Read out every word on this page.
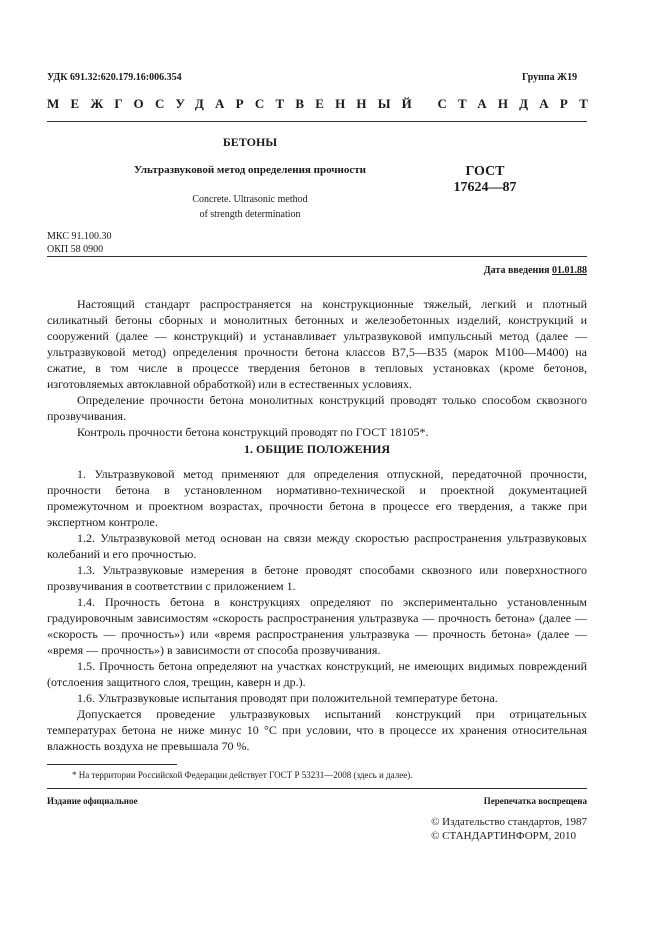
УДК 691.32:620.179.16:006.354	Группа Ж19
МЕЖГОСУДАРСТВЕННЫЙ СТАНДАРТ
БЕТОНЫ
Ультразвуковой метод определения прочности
Concrete. Ultrasonic method
of strength determination
ГОСТ
17624—87
МКС 91.100.30
ОКП 58 0900
Дата введения 01.01.88

Настоящий стандарт распространяется на конструкционные тяжелый, легкий и плотный силикатный бетоны сборных и монолитных бетонных и железобетонных изделий, конструкций и сооружений (далее — конструкций) и устанавливает ультразвуковой импульсный метод (далее — ультразвуковой метод) определения прочности бетона классов В7,5—В35 (марок М100—М400) на сжатие, в том числе в процессе твердения бетонов в тепловых установках (кроме бетонов, изготовляемых автоклавной обработкой) или в естественных условиях.

Определение прочности бетона монолитных конструкций проводят только способом сквозного прозвучивания.

Контроль прочности бетона конструкций проводят по ГОСТ 18105*.

1. ОБЩИЕ ПОЛОЖЕНИЯ

1. Ультразвуковой метод применяют для определения отпускной, передаточной прочности, прочности бетона в установленном нормативно-технической и проектной документацией промежуточном и проектном возрастах, прочности бетона в процессе его твердения, а также при экспертном контроле.

1.2. Ультразвуковой метод основан на связи между скоростью распространения ультразвуковых колебаний и его прочностью.

1.3. Ультразвуковые измерения в бетоне проводят способами сквозного или поверхностного прозвучивания в соответствии с приложением 1.

1.4. Прочность бетона в конструкциях определяют по экспериментально установленным градуировочным зависимостям «скорость распространения ультразвука — прочность бетона» (далее — «скорость — прочность») или «время распространения ультразвука — прочность бетона» (далее — «время — прочность») в зависимости от способа прозвучивания.

1.5. Прочность бетона определяют на участках конструкций, не имеющих видимых повреждений (отслоения защитного слоя, трещин, каверн и др.).

1.6. Ультразвуковые испытания проводят при положительной температуре бетона.

Допускается проведение ультразвуковых испытаний конструкций при отрицательных температурах бетона не ниже минус 10 °С при условии, что в процессе их хранения относительная влажность воздуха не превышала 70 %.

* На территории Российской Федерации действует ГОСТ Р 53231—2008 (здесь и далее).
Издание официальное	Перепечатка воспрещена
© Издательство стандартов, 1987
© СТАНДАРТИНФОРМ, 2010
